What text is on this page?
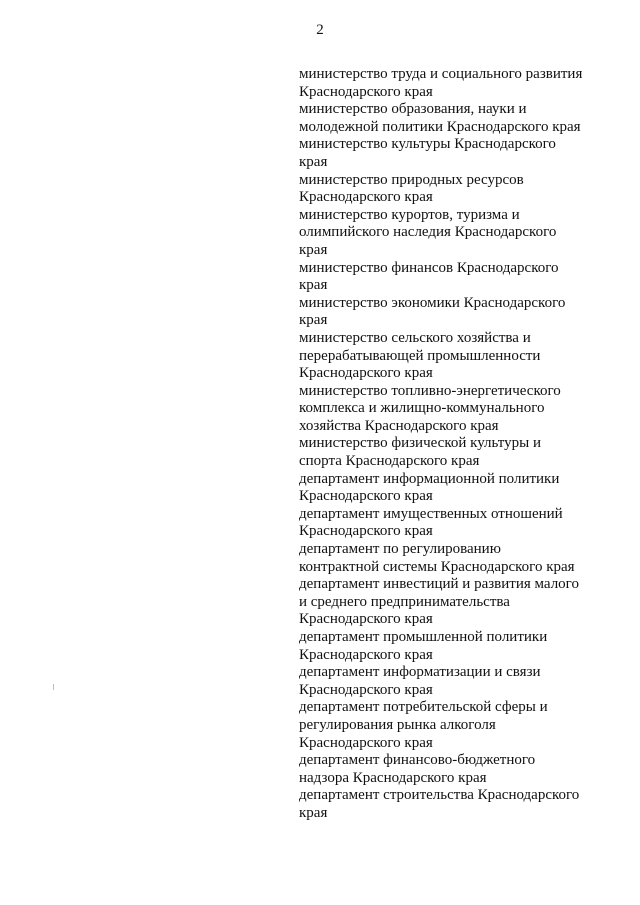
2
министерство труда и социального развития
Краснодарского края
министерство образования, науки и
молодежной политики Краснодарского края
министерство культуры Краснодарского
края
министерство природных ресурсов
Краснодарского края
министерство курортов, туризма и
олимпийского наследия Краснодарского
края
министерство финансов Краснодарского
края
министерство экономики Краснодарского
края
министерство сельского хозяйства и
перерабатывающей промышленности
Краснодарского края
министерство топливно-энергетического
комплекса и жилищно-коммунального
хозяйства Краснодарского края
министерство физической культуры и
спорта Краснодарского края
департамент информационной политики
Краснодарского края
департамент имущественных отношений
Краснодарского края
департамент по регулированию
контрактной системы Краснодарского края
департамент инвестиций и развития малого
и среднего предпринимательства
Краснодарского края
департамент промышленной политики
Краснодарского края
департамент информатизации и связи
Краснодарского края
департамент потребительской сферы и
регулирования рынка алкоголя
Краснодарского края
департамент финансово-бюджетного
надзора Краснодарского края
департамент строительства Краснодарского
края
